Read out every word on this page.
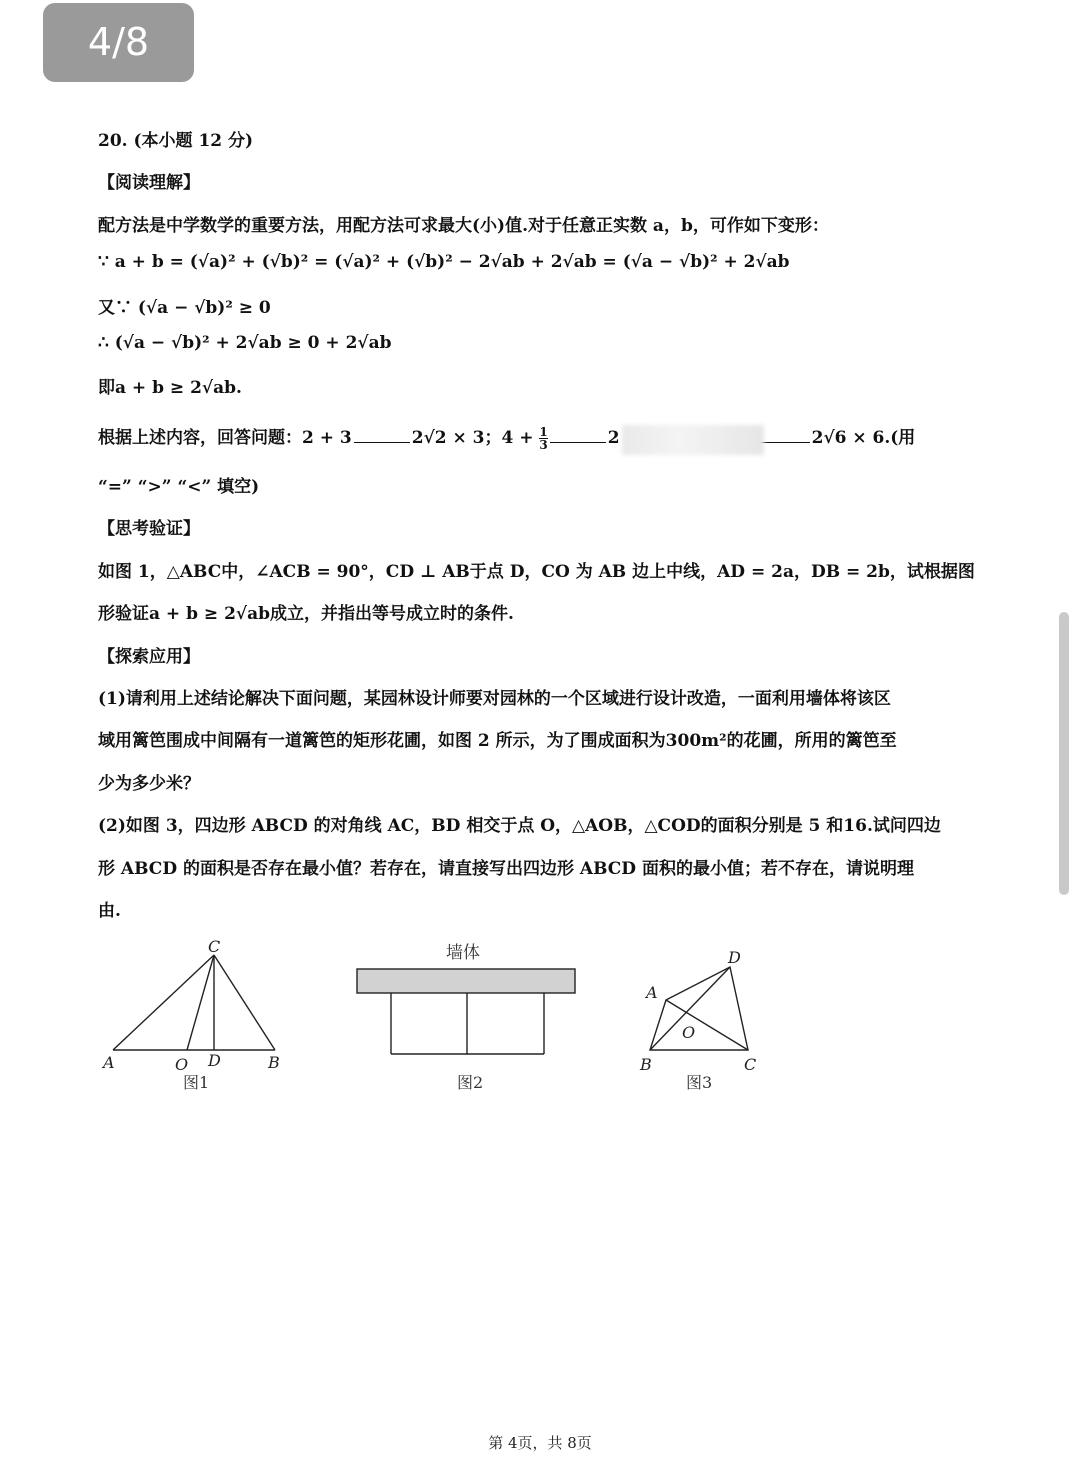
4/8
20. (本小题 12 分)
【阅读理解】
配方法是中学数学的重要方法，用配方法可求最大(小)值.对于任意正实数 a，b，可作如下变形：
∵ a + b = (√a)² + (√b)² = (√a)² + (√b)² − 2√ab + 2√ab = (√a − √b)² + 2√ab
又∵ (√a − √b)² ≥ 0
∴ (√a − √b)² + 2√ab ≥ 0 + 2√ab
即a + b ≥ 2√ab.
根据上述内容，回答问题：2 + 3	2√2 × 3；$4 + \frac{1}{3}$	2	2√6 × 6.(用
“=” “>” “<” 填空)
【思考验证】
如图 1，△ABC中，∠ACB = 90°，CD ⊥ AB于点 D，CO 为 AB 边上中线，AD = 2a，DB = 2b，试根据图
形验证a + b ≥ 2√ab成立，并指出等号成立时的条件.
【探索应用】
(1)请利用上述结论解决下面问题，某园林设计师要对园林的一个区域进行设计改造，一面利用墙体将该区
域用篱笆围成中间隔有一道篱笆的矩形花圃，如图 2 所示，为了围成面积为300m²的花圃，所用的篱笆至
少为多少米？
(2)如图 3，四边形 ABCD 的对角线 AC，BD 相交于点 O，△AOB，△COD的面积分别是 5 和16.试问四边
形 ABCD 的面积是否存在最小值？若存在，请直接写出四边形 ABCD 面积的最小值；若不存在，请说明理
由.
C
A	O D	B
图1
墙体
图2
D
A
O
B	C
图3
第 4页，共 8页
